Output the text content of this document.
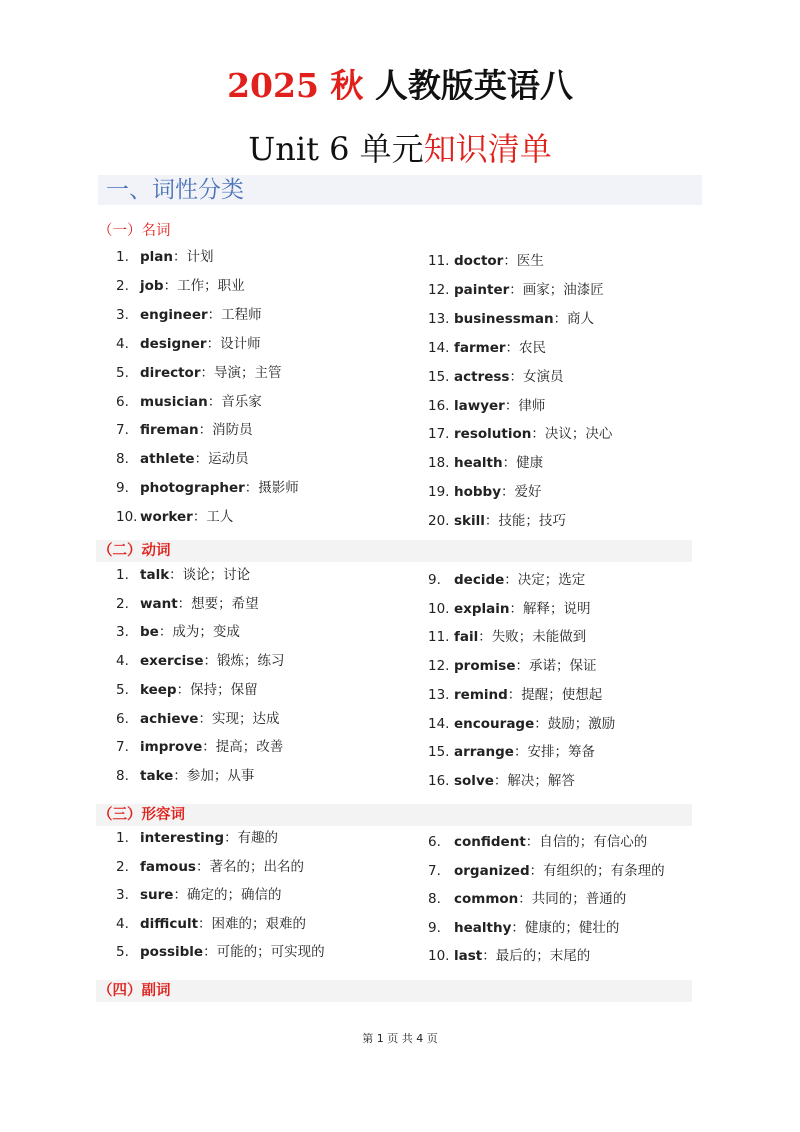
2025 秋 人教版英语八
Unit 6 单元知识清单
一、词性分类
（一）名词
1. plan：计划
2. job：工作；职业
3. engineer：工程师
4. designer：设计师
5. director：导演；主管
6. musician：音乐家
7. fireman：消防员
8. athlete：运动员
9. photographer：摄影师
10. worker：工人
11. doctor：医生
12. painter：画家；油漆匠
13. businessman：商人
14. farmer：农民
15. actress：女演员
16. lawyer：律师
17. resolution：决议；决心
18. health：健康
19. hobby：爱好
20. skill：技能；技巧
（二）动词
1. talk：谈论；讨论
2. want：想要；希望
3. be：成为；变成
4. exercise：锻炼；练习
5. keep：保持；保留
6. achieve：实现；达成
7. improve：提高；改善
8. take：参加；从事
9. decide：决定；选定
10. explain：解释；说明
11. fail：失败；未能做到
12. promise：承诺；保证
13. remind：提醒；使想起
14. encourage：鼓励；激励
15. arrange：安排；筹备
16. solve：解决；解答
（三）形容词
1. interesting：有趣的
2. famous：著名的；出名的
3. sure：确定的；确信的
4. difficult：困难的；艰难的
5. possible：可能的；可实现的
6. confident：自信的；有信心的
7. organized：有组织的；有条理的
8. common：共同的；普通的
9. healthy：健康的；健壮的
10. last：最后的；末尾的
（四）副词
第 1 页 共 4 页
